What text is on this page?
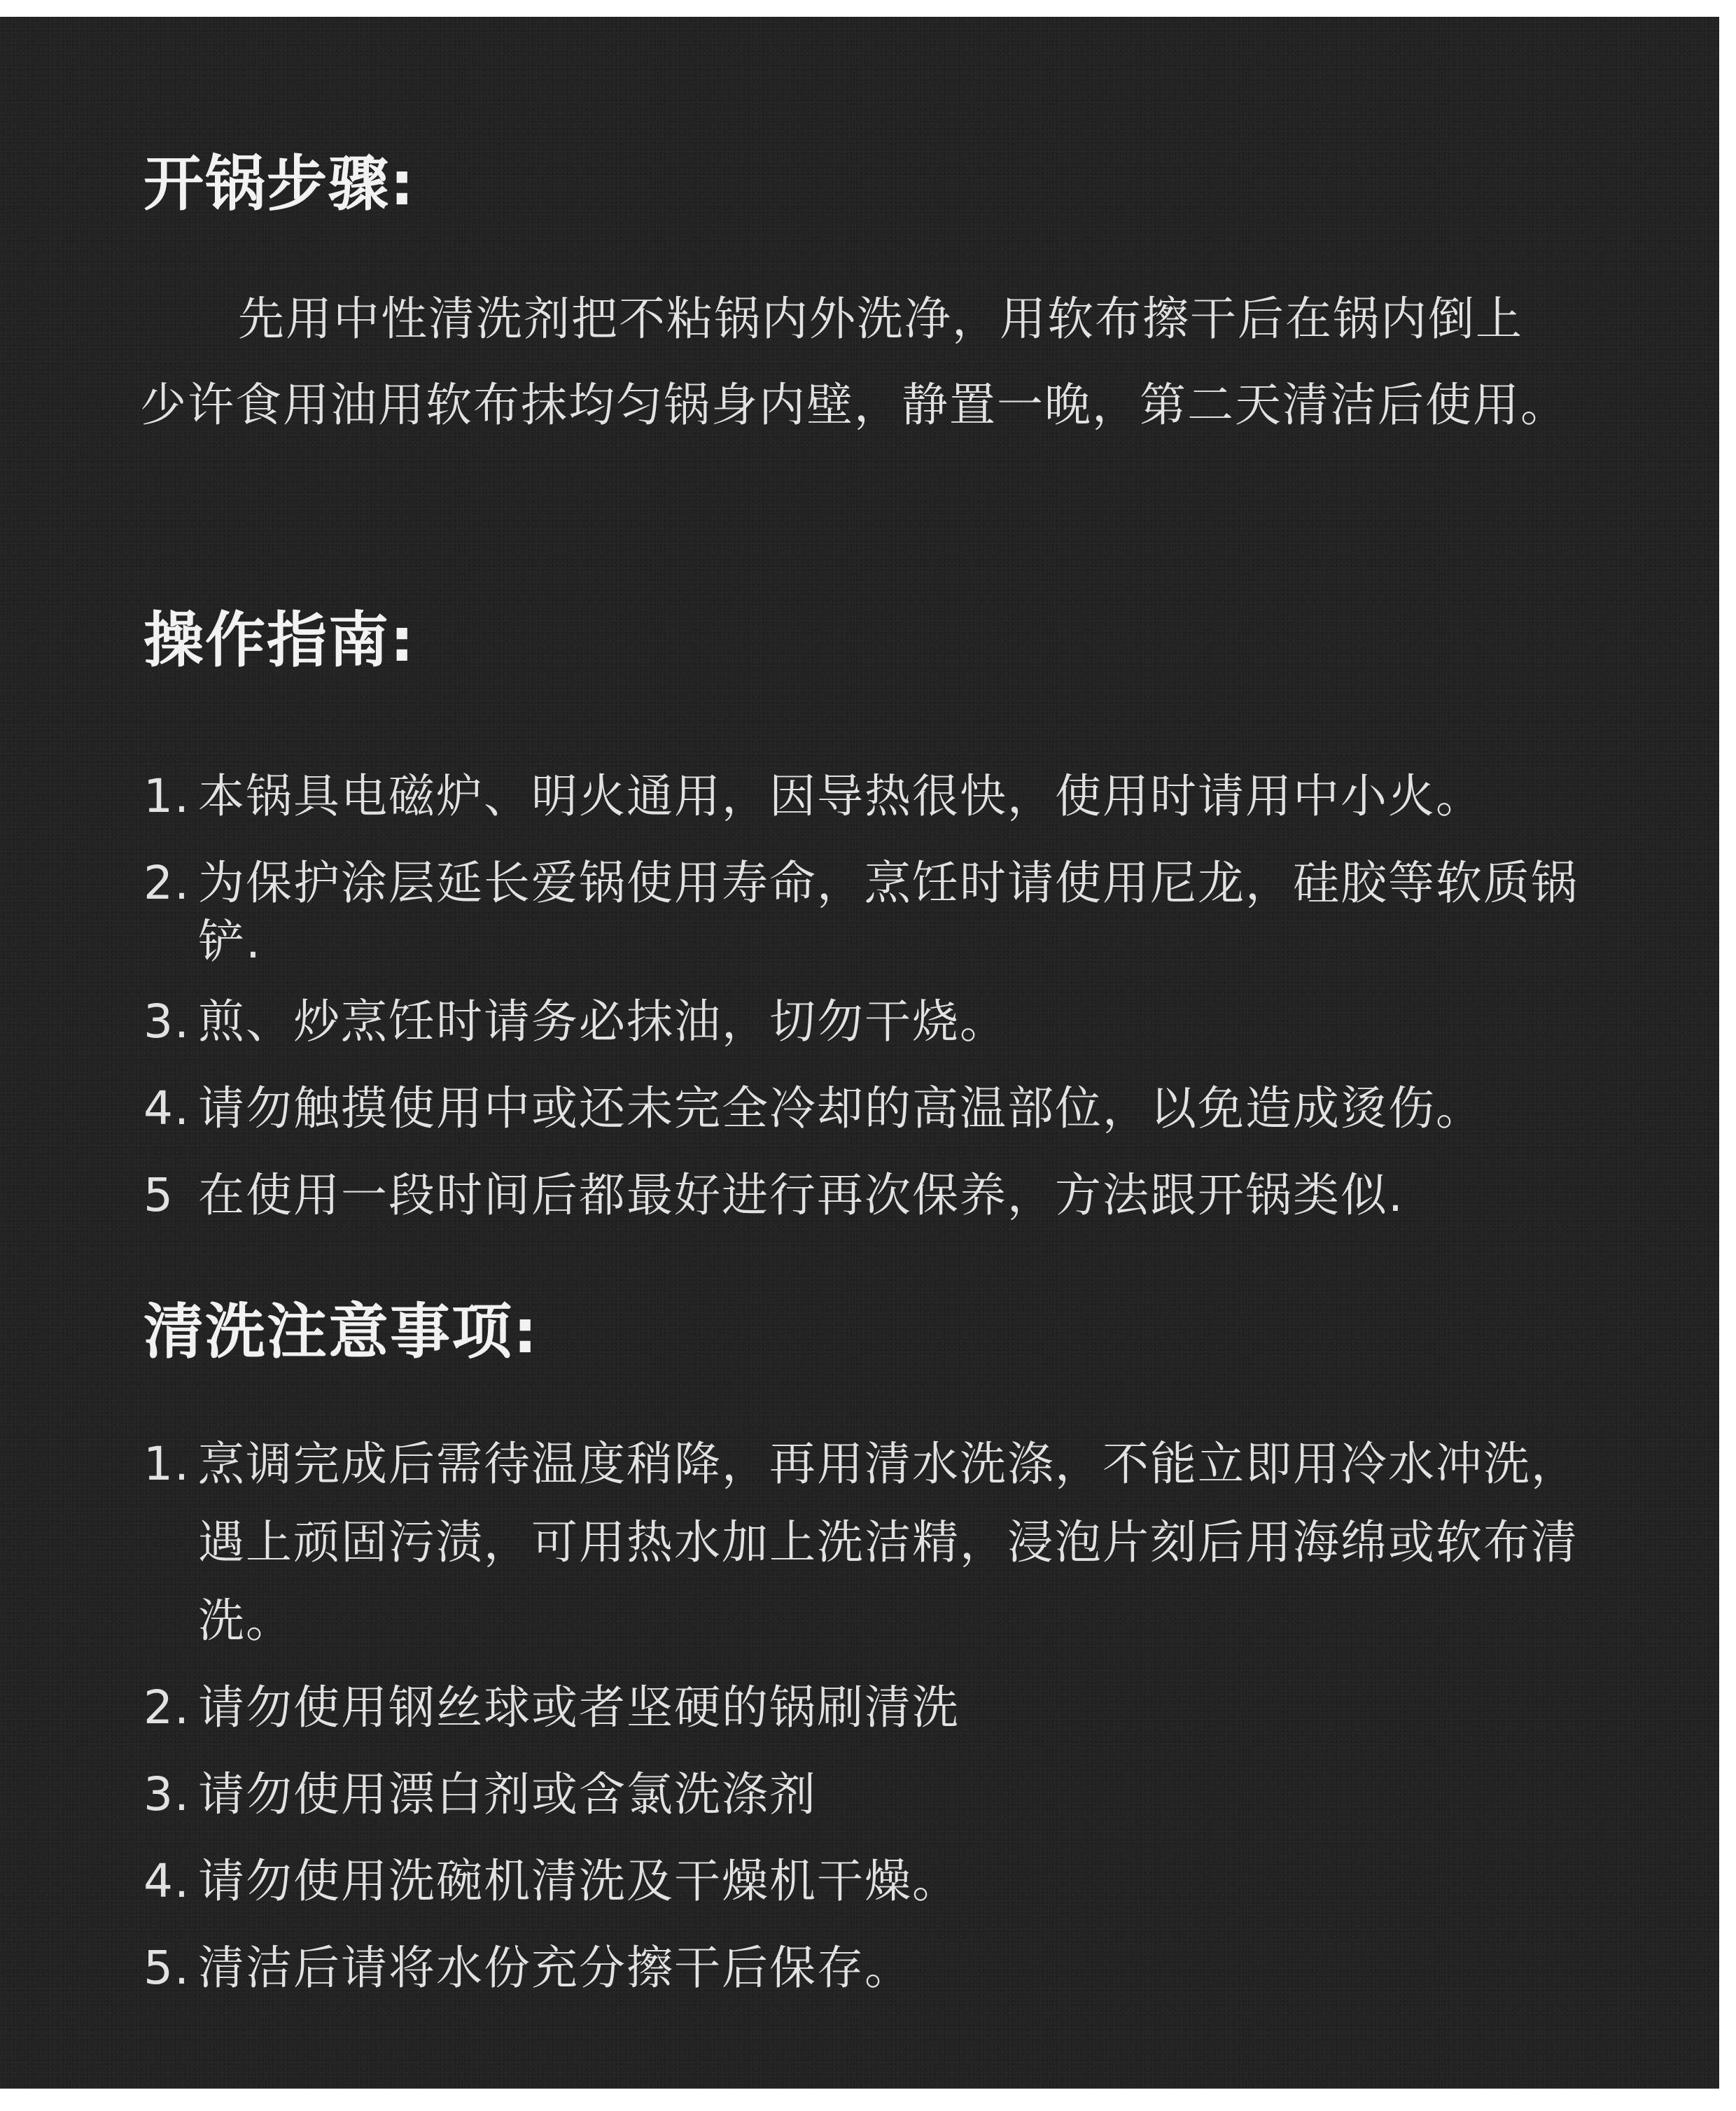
开锅步骤:

先用中性清洗剂把不粘锅内外洗净，用软布擦干后在锅内倒上少许食用油用软布抹均匀锅身内壁，静置一晚，第二天清洁后使用。

操作指南:
1. 本锅具电磁炉、明火通用，因导热很快，使用时请用中小火。
2. 为保护涂层延长爱锅使用寿命，烹饪时请使用尼龙，硅胶等软质锅铲.
3. 煎、炒烹饪时请务必抹油，切勿干烧。
4. 请勿触摸使用中或还未完全冷却的高温部位，以免造成烫伤。
5 在使用一段时间后都最好进行再次保养，方法跟开锅类似.
清洗注意事项:
1. 烹调完成后需待温度稍降，再用清水洗涤，不能立即用冷水冲洗，遇上顽固污渍，可用热水加上洗洁精，浸泡片刻后用海绵或软布清洗。
2. 请勿使用钢丝球或者坚硬的锅刷清洗
3. 请勿使用漂白剂或含氯洗涤剂
4. 请勿使用洗碗机清洗及干燥机干燥。
5. 清洁后请将水份充分擦干后保存。
